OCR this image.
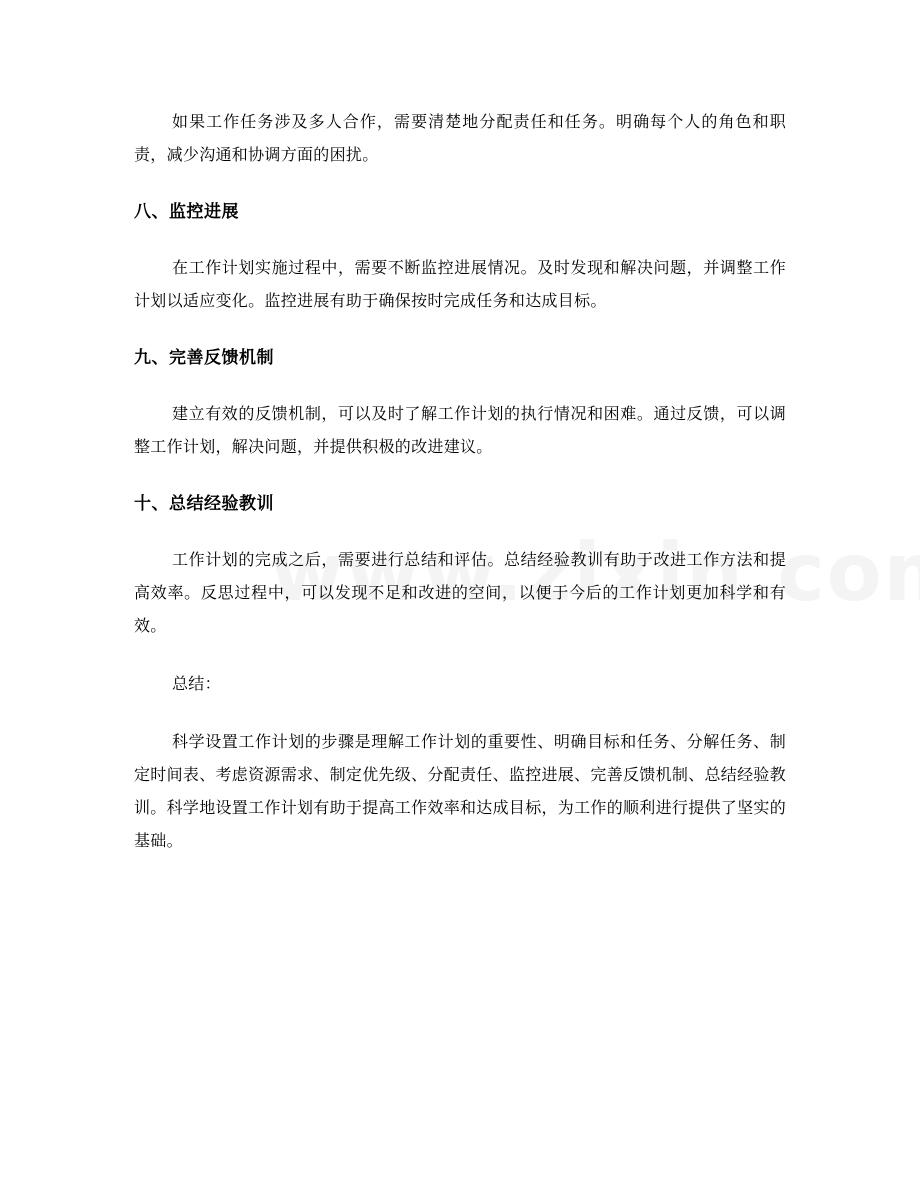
如果工作任务涉及多人合作，需要清楚地分配责任和任务。明确每个人的角色和职责，减少沟通和协调方面的困扰。

八、监控进展

在工作计划实施过程中，需要不断监控进展情况。及时发现和解决问题，并调整工作计划以适应变化。监控进展有助于确保按时完成任务和达成目标。

九、完善反馈机制

建立有效的反馈机制，可以及时了解工作计划的执行情况和困难。通过反馈，可以调整工作计划，解决问题，并提供积极的改进建议。

十、总结经验教训

工作计划的完成之后，需要进行总结和评估。总结经验教训有助于改进工作方法和提高效率。反思过程中，可以发现不足和改进的空间，以便于今后的工作计划更加科学和有效。

总结：

科学设置工作计划的步骤是理解工作计划的重要性、明确目标和任务、分解任务、制定时间表、考虑资源需求、制定优先级、分配责任、监控进展、完善反馈机制、总结经验教训。科学地设置工作计划有助于提高工作效率和达成目标，为工作的顺利进行提供了坚实的基础。
